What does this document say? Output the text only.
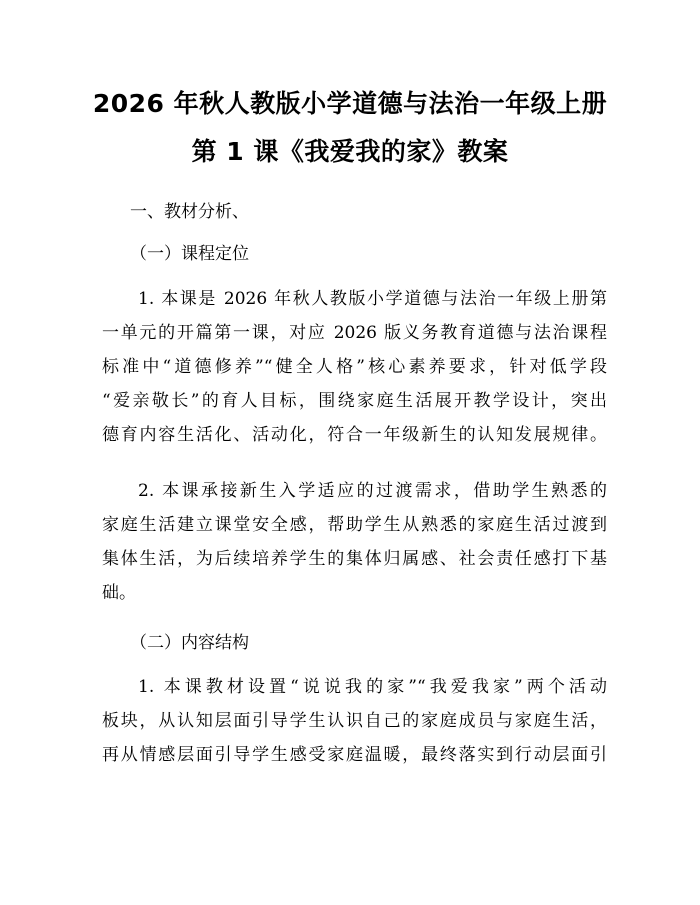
2026 年秋人教版小学道德与法治一年级上册
第 1 课《我爱我的家》教案
一、教材分析、
（一）课程定位
1. 本课是 2026 年秋人教版小学道德与法治一年级上册第
一单元的开篇第一课，对应 2026 版义务教育道德与法治课程
标准中“道德修养”“健全人格”核心素养要求，针对低学段
“爱亲敬长”的育人目标，围绕家庭生活展开教学设计，突出
德育内容生活化、活动化，符合一年级新生的认知发展规律。
2. 本课承接新生入学适应的过渡需求，借助学生熟悉的
家庭生活建立课堂安全感，帮助学生从熟悉的家庭生活过渡到
集体生活，为后续培养学生的集体归属感、社会责任感打下基
础。
（二）内容结构
1. 本课教材设置“说说我的家”“我爱我家”两个活动
板块，从认知层面引导学生认识自己的家庭成员与家庭生活，
再从情感层面引导学生感受家庭温暖，最终落实到行动层面引
